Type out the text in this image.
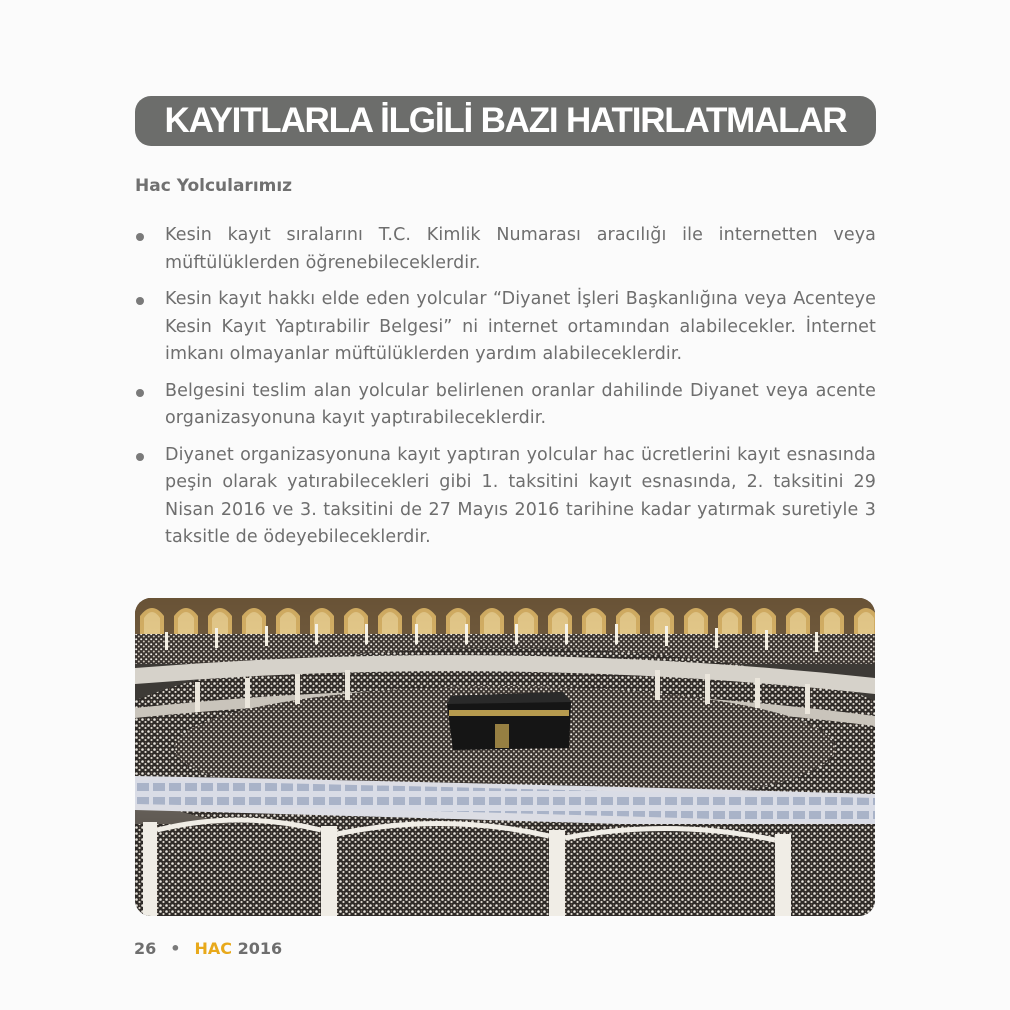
KAYITLARLA İLGİLİ BAZI HATIRLATMALAR
Hac Yolcularımız
Kesin kayıt sıralarını T.C. Kimlik Numarası aracılığı ile internetten veya müftülüklerden öğrenebileceklerdir.
Kesin kayıt hakkı elde eden yolcular “Diyanet İşleri Başkanlığına veya Acenteye Kesin Kayıt Yaptırabilir Belgesi” ni internet ortamından alabilecekler. İnternet imkanı olmayanlar müftülüklerden yardım alabileceklerdir.
Belgesini teslim alan yolcular belirlenen oranlar dahilinde Diyanet veya acente organizasyonuna kayıt yaptırabileceklerdir.
Diyanet organizasyonuna kayıt yaptıran yolcular hac ücretlerini kayıt esnasında peşin olarak yatırabilecekleri gibi 1. taksitini kayıt esnasında, 2. taksitini 29 Nisan 2016 ve 3. taksitini de 27 Mayıs 2016 tarihine kadar yatırmak suretiyle 3 taksitle de ödeyebileceklerdir.
26 • HAC 2016
